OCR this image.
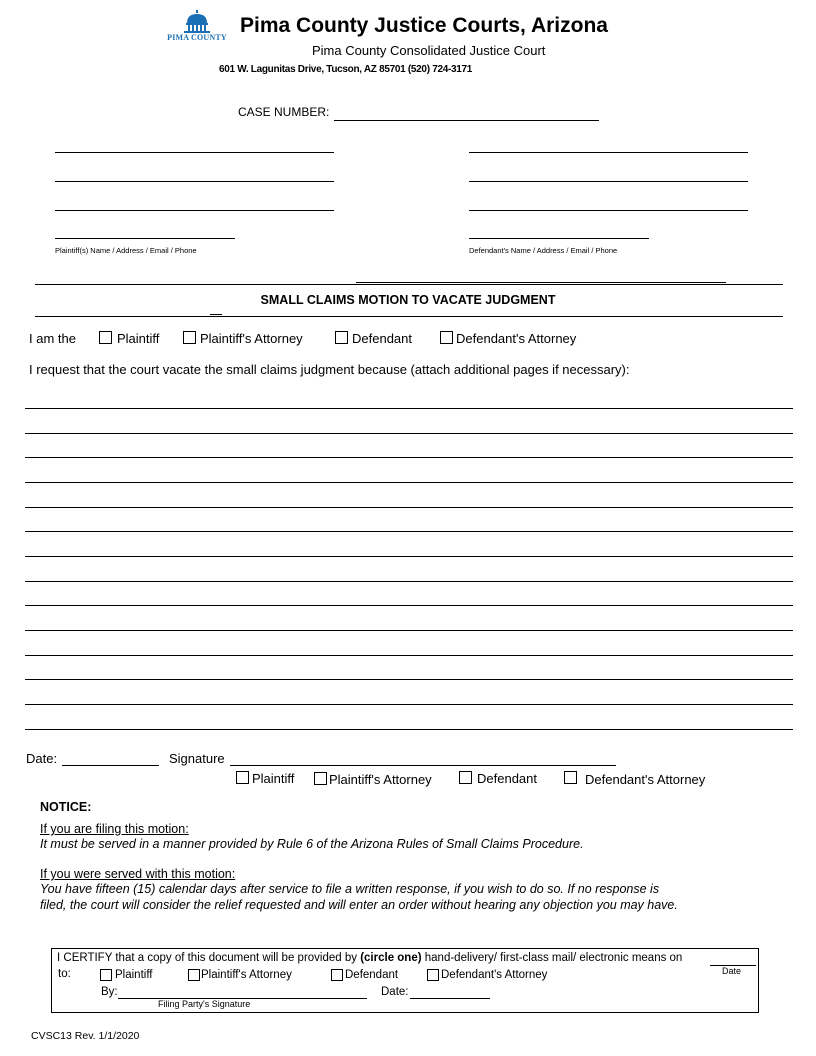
PIMA COUNTY
Pima County Justice Courts, Arizona
Pima County Consolidated Justice Court
601 W. Lagunitas Drive, Tucson, AZ 85701 (520) 724-3171
CASE NUMBER:
Plaintiff(s) Name / Address / Email / Phone	Defendant's Name / Address / Email / Phone
SMALL CLAIMS MOTION TO VACATE JUDGMENT
I am the	Plaintiff	Plaintiff's Attorney	Defendant	Defendant's Attorney
I request that the court vacate the small claims judgment because (attach additional pages if necessary):
Date:	Signature
Plaintiff	Plaintiff's Attorney	Defendant	Defendant's Attorney
NOTICE:
If you are filing this motion:
It must be served in a manner provided by Rule 6 of the Arizona Rules of Small Claims Procedure.
If you were served with this motion:
You have fifteen (15) calendar days after service to file a written response, if you wish to do so. If no response is
filed, the court will consider the relief requested and will enter an order without hearing any objection you may have.
I CERTIFY that a copy of this document will be provided by (circle one) hand-delivery/ first-class mail/ electronic means on
Date
to:	Plaintiff	Plaintiff's Attorney	Defendant	Defendant's Attorney
By:	Date:
Filing Party's Signature
CVSC13 Rev. 1/1/2020
